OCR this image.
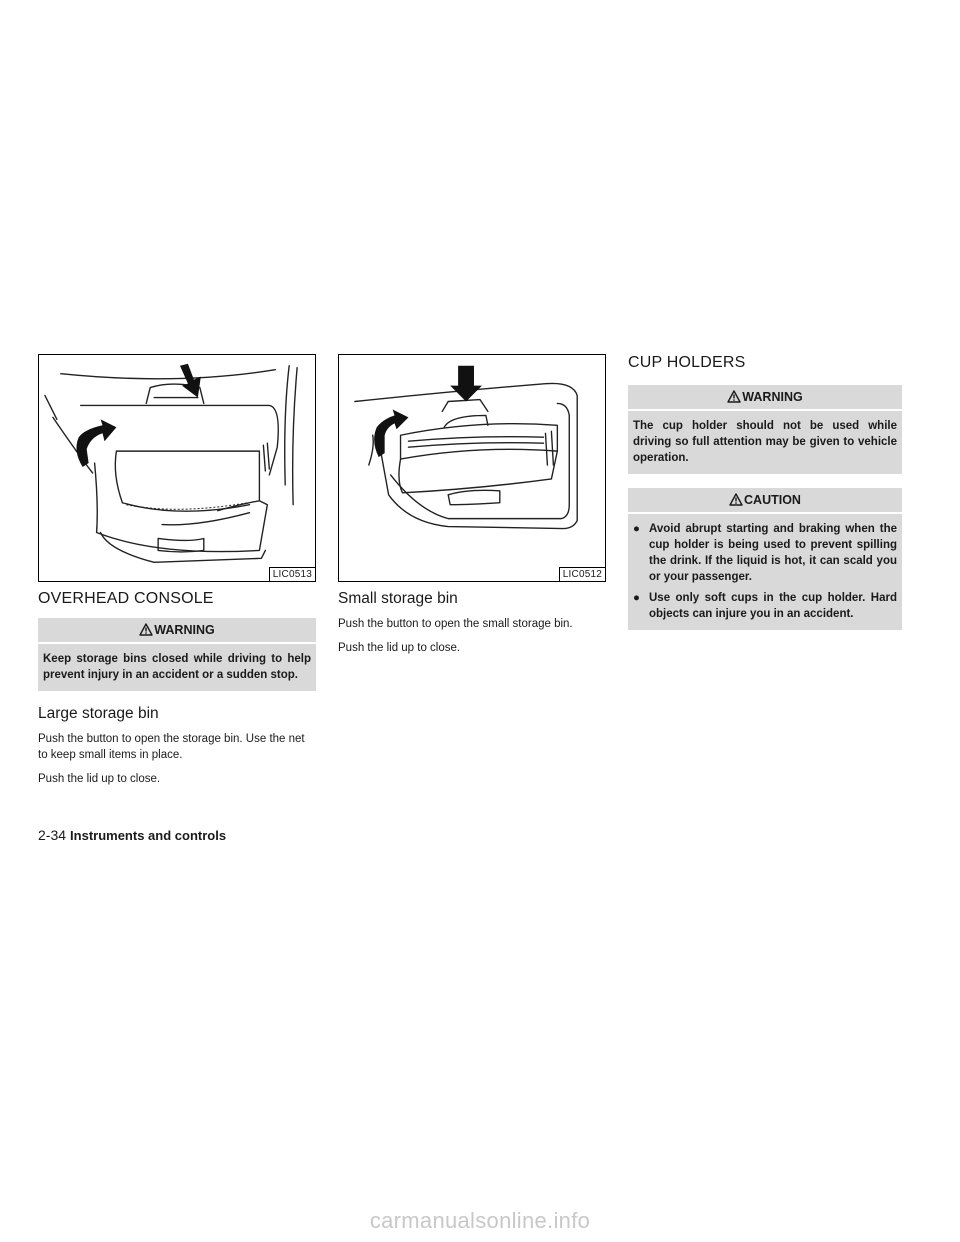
LIC0513
OVERHEAD CONSOLE
WARNING
Keep storage bins closed while driving to help prevent injury in an accident or a sudden stop.
Large storage bin

Push the button to open the storage bin. Use the net to keep small items in place.

Push the lid up to close.

LIC0512
Small storage bin

Push the button to open the small storage bin.

Push the lid up to close.

CUP HOLDERS
WARNING
The cup holder should not be used while driving so full attention may be given to vehicle operation.
CAUTION
● Avoid abrupt starting and braking when the cup holder is being used to prevent spilling the drink. If the liquid is hot, it can scald you or your passenger.
● Use only soft cups in the cup holder. Hard objects can injure you in an accident.
2-34 Instruments and controls
carmanualsonline.info
